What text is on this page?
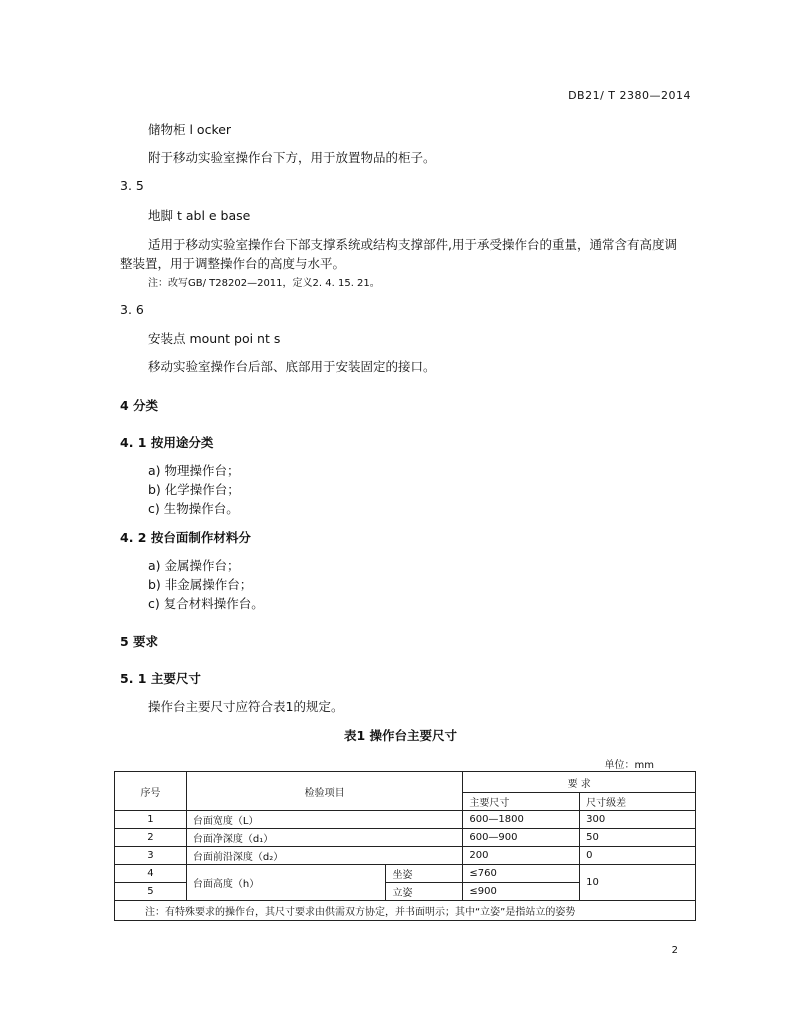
DB21/ T 2380—2014
储物柜 l ocker
附于移动实验室操作台下方，用于放置物品的柜子。
3. 5
地脚 t abl e base
适用于移动实验室操作台下部支撑系统或结构支撑部件,用于承受操作台的重量，通常含有高度调
整装置，用于调整操作台的高度与水平。
注：改写GB/ T28202—2011，定义2. 4. 15. 21。
3. 6
安装点 mount poi nt s
移动实验室操作台后部、底部用于安装固定的接口。
4 分类
4. 1 按用途分类
a) 物理操作台；
b) 化学操作台；
c) 生物操作台。
4. 2 按台面制作材料分
a) 金属操作台；
b) 非金属操作台；
c) 复合材料操作台。
5 要求
5. 1 主要尺寸
操作台主要尺寸应符合表1的规定。
表1 操作台主要尺寸
单位：mm
序号	检验项目		要 求	
			主要尺寸	尺寸级差
1	台面宽度（L）		600—1800	300
2	台面净深度（d₁）		600—900	50
3	台面前沿深度（d₂）		200	0
4	台面高度（h）	坐姿	≤760	10
5		立姿	≤900	
注：有特殊要求的操作台，其尺寸要求由供需双方协定，并书面明示；其中“立姿”是指站立的姿势				
2
